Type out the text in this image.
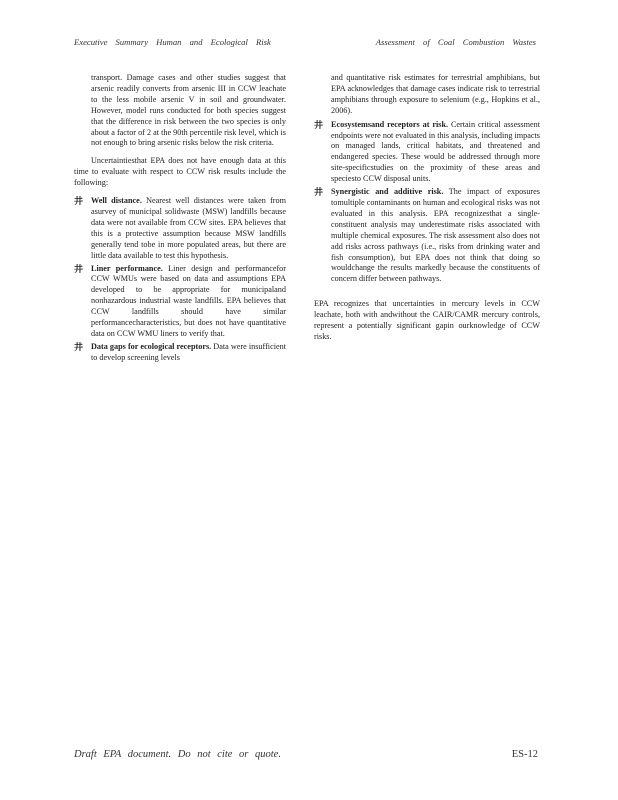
Executive Summary Human and Ecological Risk	Assessment of Coal Combustion Wastes

transport. Damage cases and other studies suggest that arsenic readily converts from arsenic III in CCW leachate to the less mobile arsenic V in soil and groundwater. However, model runs conducted for both species suggest that the difference in risk between the two species is only about a factor of 2 at the 90th percentile risk level, which is not enough to bring arsenic risks below the risk criteria.

Uncertaintiesthat EPA does not have enough data at this time to evaluate with respect to CCW risk results include the following:

井 Well distance. Nearest well distances were taken from asurvey of municipal solidwaste (MSW) landfills because data were not available from CCW sites. EPA believes that this is a protective assumption because MSW landfills generally tend tobe in more populated areas, but there are little data available to test this hypothesis.
井 Liner performance. Liner design and performancefor CCW WMUs were based on data and assumptions EPA developed to be appropriate for municipaland nonhazardous industrial waste landfills. EPA believes that CCW landfills should have similar performancecharacteristics, but does not have quantitative data on CCW WMU liners to verify that.
井 Data gaps for ecological receptors. Data were insufficient to develop screening levels

and quantitative risk estimates for terrestrial amphibians, but EPA acknowledges that damage cases indicate risk to terrestrial amphibians through exposure to selenium (e.g., Hopkins et al., 2006).

井 Ecosystemsand receptors at risk. Certain critical assessment endpoints were not evaluated in this analysis, including impacts on managed lands, critical habitats, and threatened and endangered species. These would be addressed through more site-specificstudies on the proximity of these areas and speciesto CCW disposal units.
井 Synergistic and additive risk. The impact of exposures tomultiple contaminants on human and ecological risks was not evaluated in this analysis. EPA recognizesthat a single-constituent analysis may underestimate risks associated with multiple chemical exposures. The risk assessment also does not add risks across pathways (i.e., risks from drinking water and fish consumption), but EPA does not think that doing so wouldchange the results markedly because the constituents of concern differ between pathways.

EPA recognizes that uncertainties in mercury levels in CCW leachate, both with andwithout the CAIR/CAMR mercury controls, represent a potentially significant gapin ourknowledge of CCW risks.

Draft EPA document. Do not cite or quote.	ES-12
